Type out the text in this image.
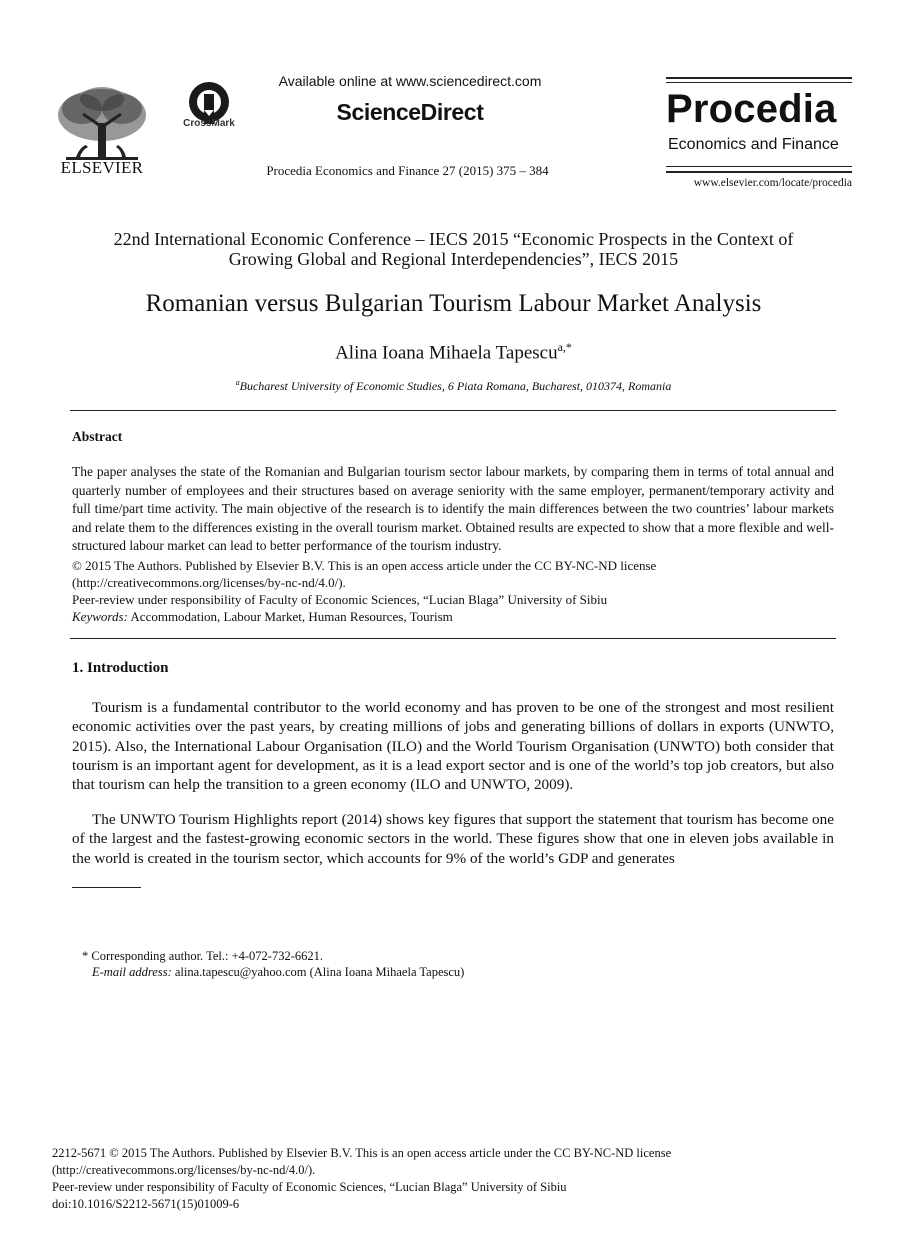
ELSEVIER
CrossMark
Available online at www.sciencedirect.com
ScienceDirect
Procedia Economics and Finance 27 (2015) 375 – 384
Procedia
Economics and Finance
www.elsevier.com/locate/procedia
22nd International Economic Conference – IECS 2015 “Economic Prospects in the Context of
Growing Global and Regional Interdependencies”, IECS 2015
Romanian versus Bulgarian Tourism Labour Market Analysis
Alina Ioana Mihaela Tapescu$^{a,*}$
$^a$Bucharest University of Economic Studies, 6 Piata Romana, Bucharest, 010374, Romania
Abstract

The paper analyses the state of the Romanian and Bulgarian tourism sector labour markets, by comparing them in terms of total annual and quarterly number of employees and their structures based on average seniority with the same employer, permanent/temporary activity and full time/part time activity. The main objective of the research is to identify the main differences between the two countries’ labour markets and relate them to the differences existing in the overall tourism market. Obtained results are expected to show that a more flexible and well-structured labour market can lead to better performance of the tourism industry.

© 2015 The Authors. Published by Elsevier B.V. This is an open access article under the CC BY-NC-ND license
(http://creativecommons.org/licenses/by-nc-nd/4.0/).
Peer-review under responsibility of Faculty of Economic Sciences, “Lucian Blaga” University of Sibiu
Keywords: Accommodation, Labour Market, Human Resources, Tourism
1. Introduction

Tourism is a fundamental contributor to the world economy and has proven to be one of the strongest and most resilient economic activities over the past years, by creating millions of jobs and generating billions of dollars in exports (UNWTO, 2015). Also, the International Labour Organisation (ILO) and the World Tourism Organisation (UNWTO) both consider that tourism is an important agent for development, as it is a lead export sector and is one of the world’s top job creators, but also that tourism can help the transition to a green economy (ILO and UNWTO, 2009).

The UNWTO Tourism Highlights report (2014) shows key figures that support the statement that tourism has become one of the largest and the fastest-growing economic sectors in the world. These figures show that one in eleven jobs available in the world is created in the tourism sector, which accounts for 9% of the world’s GDP and generates

* Corresponding author. Tel.: +4-072-732-6621.
E-mail address: alina.tapescu@yahoo.com (Alina Ioana Mihaela Tapescu)
2212-5671 © 2015 The Authors. Published by Elsevier B.V. This is an open access article under the CC BY-NC-ND license
(http://creativecommons.org/licenses/by-nc-nd/4.0/).
Peer-review under responsibility of Faculty of Economic Sciences, “Lucian Blaga” University of Sibiu
doi:10.1016/S2212-5671(15)01009-6
